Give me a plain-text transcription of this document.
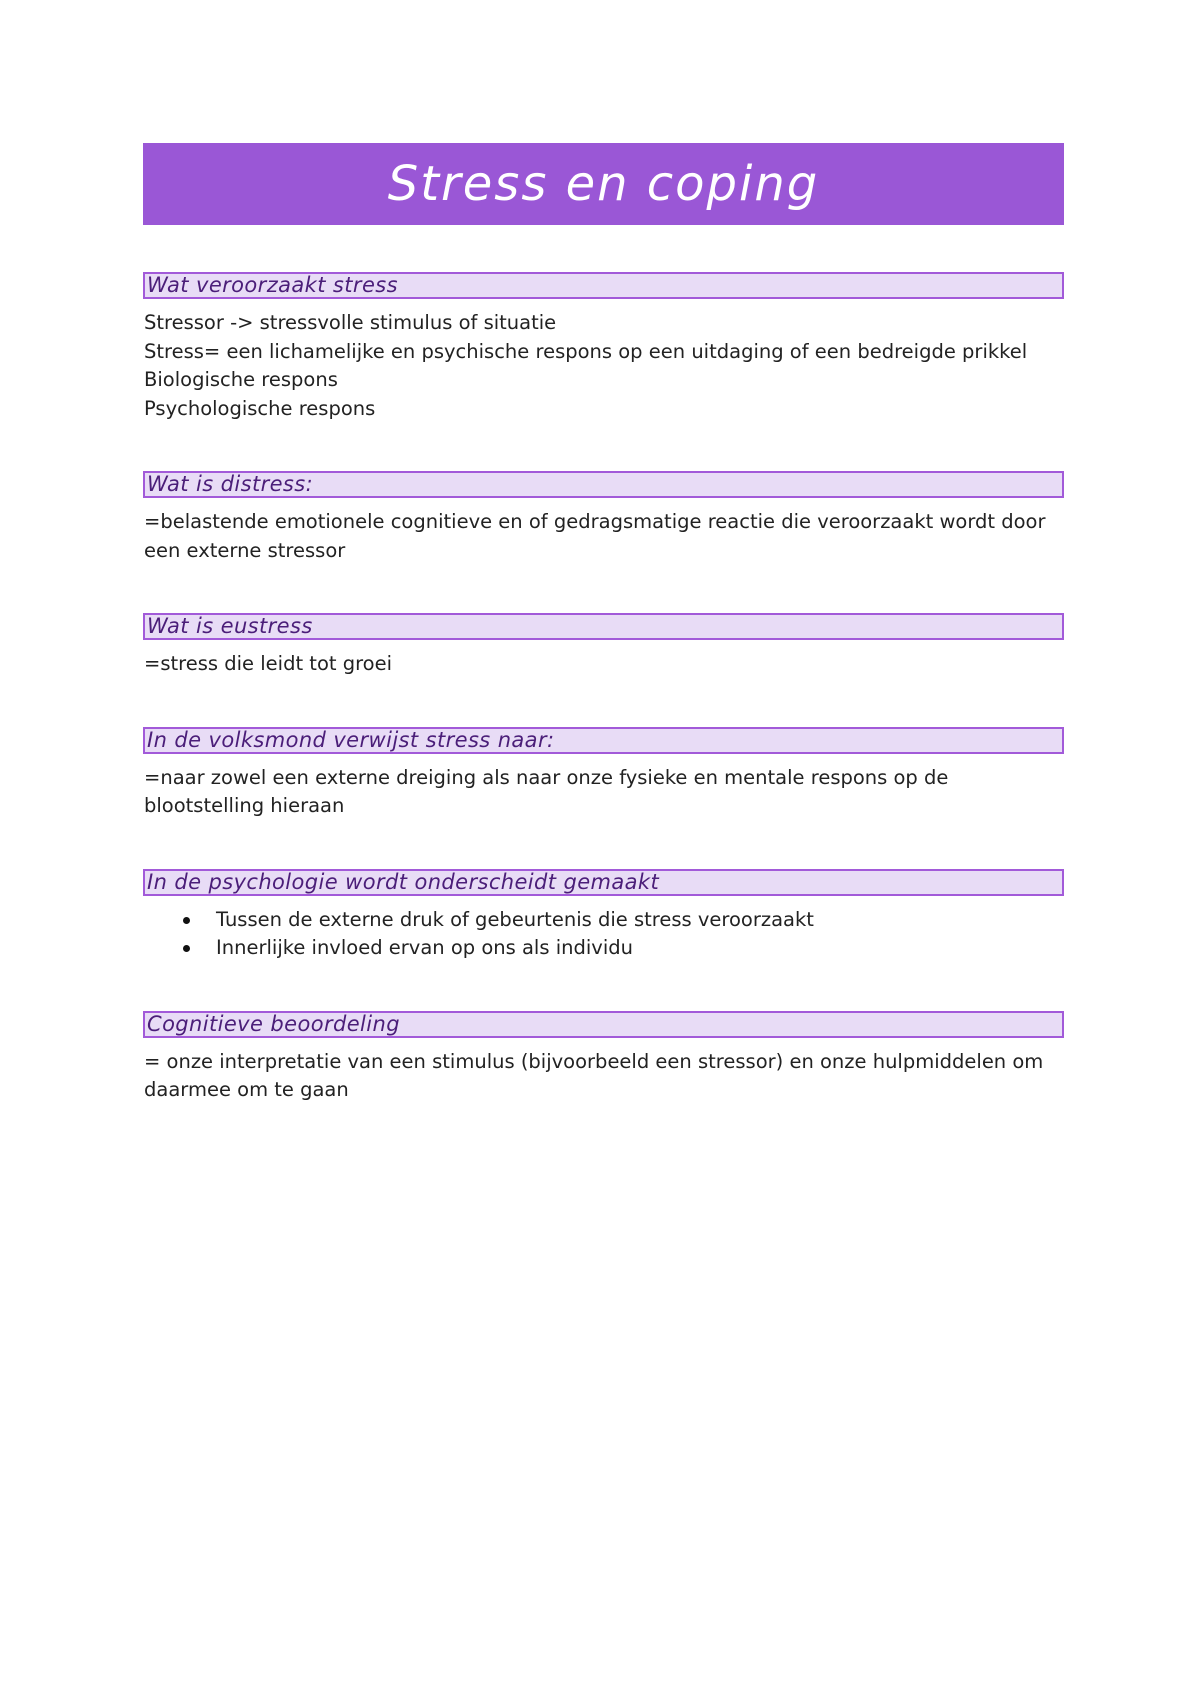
Stress en coping
Wat veroorzaakt stress
Stressor -> stressvolle stimulus of situatie
Stress= een lichamelijke en psychische respons op een uitdaging of een bedreigde prikkel
Biologische respons
Psychologische respons
Wat is distress:
=belastende emotionele cognitieve en of gedragsmatige reactie die veroorzaakt wordt door een externe stressor
Wat is eustress
=stress die leidt tot groei
In de volksmond verwijst stress naar:
=naar zowel een externe dreiging als naar onze fysieke en mentale respons op de blootstelling hieraan
In de psychologie wordt onderscheidt gemaakt
Tussen de externe druk of gebeurtenis die stress veroorzaakt
Innerlijke invloed ervan op ons als individu
Cognitieve beoordeling
= onze interpretatie van een stimulus (bijvoorbeeld een stressor) en onze hulpmiddelen om daarmee om te gaan
